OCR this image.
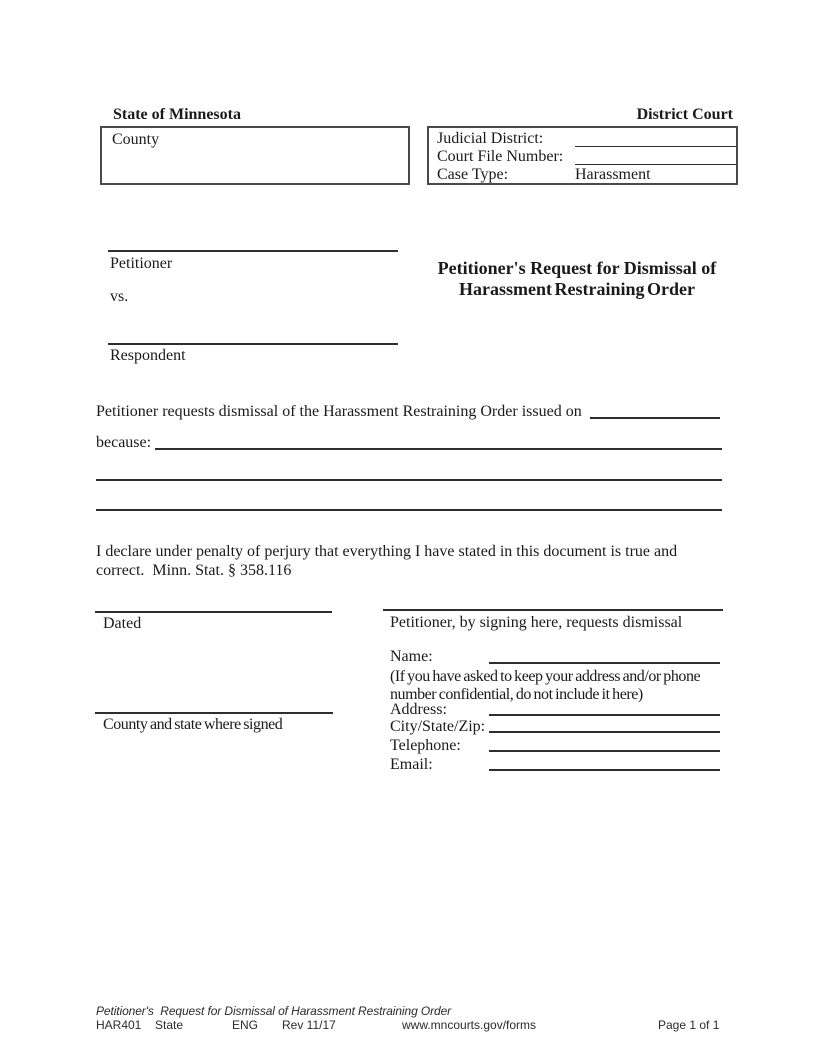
State of Minnesota	District Court
County	Judicial District:
Court File Number:
Case Type:	Harassment
Petitioner
vs.
Respondent
Petitioner's Request for Dismissal of
Harassment Restraining Order
Petitioner requests dismissal of the Harassment Restraining Order issued on
because:
I declare under penalty of perjury that everything I have stated in this document is true and
correct.  Minn. Stat. § 358.116
Dated
County and state where signed
Petitioner, by signing here, requests dismissal
Name:
(If you have asked to keep your address and/or phone
number confidential, do not include it here)
Address:
City/State/Zip:
Telephone:
Email:
Petitioner's  Request for Dismissal of Harassment Restraining Order
HAR401 State	ENG Rev 11/17	www.mncourts.gov/forms	Page 1 of 1
